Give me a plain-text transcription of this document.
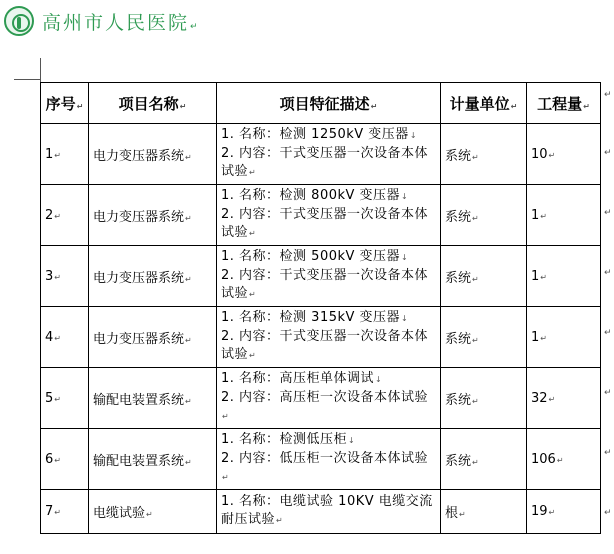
高州市人民医院 ↵
序号↵	项目名称↵	项目特征描述↵	计量单位↵	工程量↵
1↵	电力变压器系统↵	1. 名称：检测 1250kV 变压器↓
2. 内容：干式变压器一次设备本体试验↵	系统↵	10↵
2↵	电力变压器系统↵	1. 名称：检测 800kV 变压器↓
2. 内容：干式变压器一次设备本体试验↵	系统↵	1↵
3↵	电力变压器系统↵	1. 名称：检测 500kV 变压器↓
2. 内容：干式变压器一次设备本体试验↵	系统↵	1↵
4↵	电力变压器系统↵	1. 名称：检测 315kV 变压器↓
2. 内容：干式变压器一次设备本体试验↵	系统↵	1↵
5↵	输配电装置系统↵	1. 名称：高压柜单体调试↓
2. 内容：高压柜一次设备本体试验↵	系统↵	32↵
6↵	输配电装置系统↵	1. 名称：检测低压柜↓
2. 内容：低压柜一次设备本体试验↵	系统↵	106↵
7↵	电缆试验↵	1. 名称：电缆试验 10KV 电缆交流耐压试验↵	根↵	19↵
↵
↵
↵
↵
↵
↵
↵
↵
